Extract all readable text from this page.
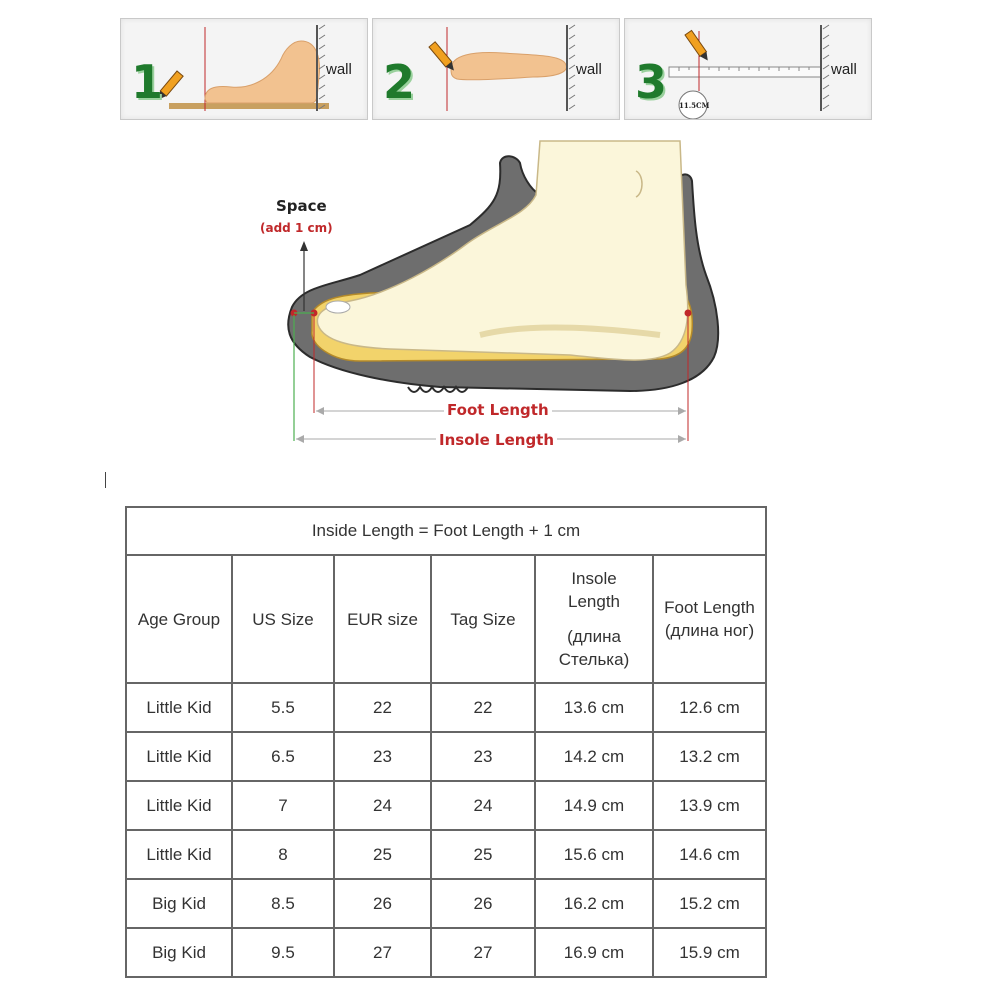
1	wall 2	wall 3	wall
11.5CM
Space
(add 1 cm)
Foot Length
Insole Length
Inside Length = Foot Length + 1 cm					
Age Group	US Size	EUR size	Tag Size	Insole
Length
(длина
Стелька)	Foot Length
(длина ног)

Little Kid	5.5	22	22	13.6 cm	12.6 cm
Little Kid	6.5	23	23	14.2 cm	13.2 cm
Little Kid	7	24	24	14.9 cm	13.9 cm
Little Kid	8	25	25	15.6 cm	14.6 cm
Big Kid	8.5	26	26	16.2 cm	15.2 cm
Big Kid	9.5	27	27	16.9 cm	15.9 cm
